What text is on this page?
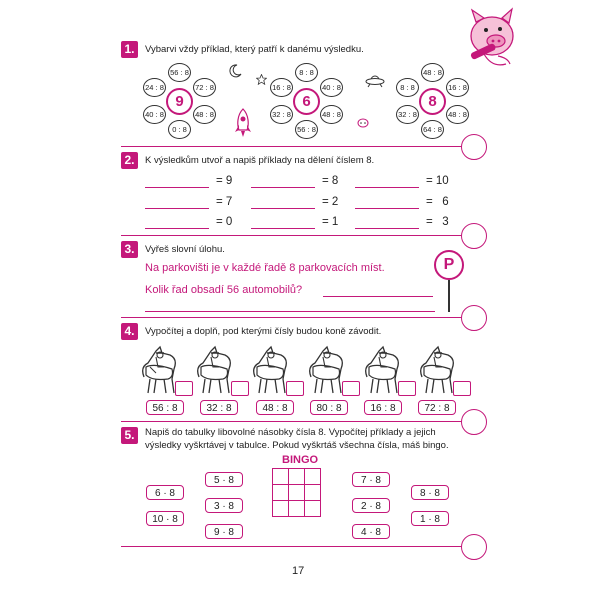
1.	Vybarvi vždy příklad, který patří k danému výsledku.
56 : 8
72 : 8
48 : 8
0 : 8
40 : 8
24 : 8
9
8 : 8
40 : 8
48 : 8
56 : 8
32 : 8
16 : 8
6
48 : 8
16 : 8
48 : 8
64 : 8
32 : 8
8 : 8
8
2.	K výsledkům utvoř a napiš příklady na dělení číslem 8.
= 9	= 8	= 10
= 7	= 2	=   6
= 0	= 1	=   3
3.	Vyřeš slovní úlohu.
Na parkovišti je v každé řadě 8 parkovacích míst.
Kolik řad obsadí 56 automobilů?
P
4.	Vypočítej a doplň, pod kterými čísly budou koně závodit.
56 : 8	32 : 8	48 : 8	80 : 8	16 : 8	72 : 8
5.	Napiš do tabulky libovolné násobky čísla 8. Vypočítej příklady a jejich
výsledky vyškrtávej v tabulce. Pokud vyškrtáš všechna čísla, máš bingo.
BINGO
6 · 8
10 · 8
5 · 8
3 · 8
9 · 8
7 · 8
2 · 8
4 · 8
8 · 8
1 · 8
17
